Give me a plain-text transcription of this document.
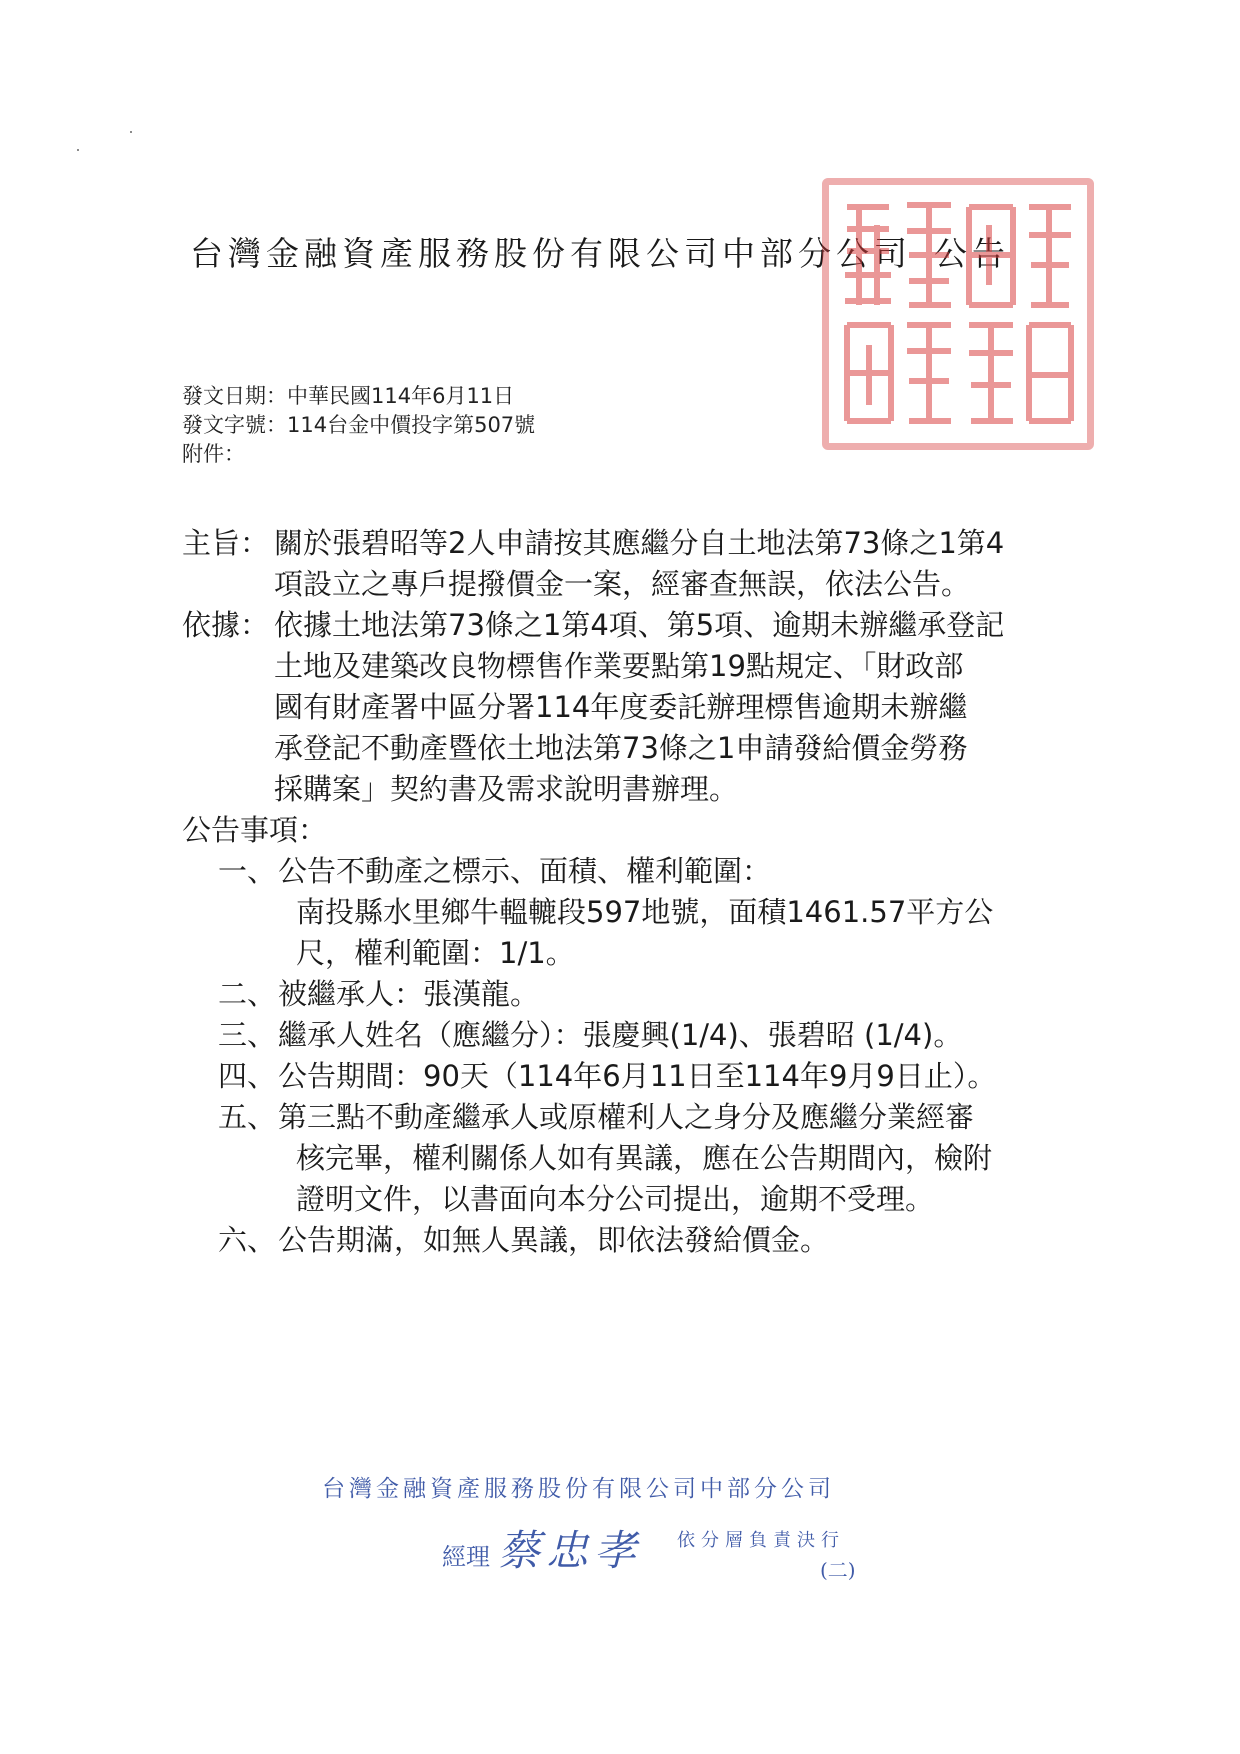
台灣金融資產服務股份有限公司中部分公司 公告
發文日期：中華民國114年6月11日
發文字號：114台金中價投字第507號
附件：
主旨： 關於張碧昭等2人申請按其應繼分自土地法第73條之1第4
項設立之專戶提撥價金一案，經審查無誤，依法公告。
依據： 依據土地法第73條之1第4項、第5項、逾期未辦繼承登記
土地及建築改良物標售作業要點第19點規定、「財政部
國有財產署中區分署114年度委託辦理標售逾期未辦繼
承登記不動產暨依土地法第73條之1申請發給價金勞務
採購案」契約書及需求說明書辦理。
公告事項：
一、 公告不動產之標示、面積、權利範圍：
南投縣水里鄉牛轀轆段597地號，面積1461.57平方公
尺，權利範圍：1/1。
二、 被繼承人：張漢龍。
三、 繼承人姓名（應繼分）：張慶興(1/4)、張碧昭 (1/4)。
四、 公告期間：90天（114年6月11日至114年9月9日止）。
五、 第三點不動產繼承人或原權利人之身分及應繼分業經審
核完畢，權利關係人如有異議，應在公告期間內，檢附
證明文件，以書面向本分公司提出，逾期不受理。
六、 公告期滿，如無人異議，即依法發給價金。
台灣金融資產服務股份有限公司中部分公司
經理 蔡忠孝 依分層負責決行
(二)
